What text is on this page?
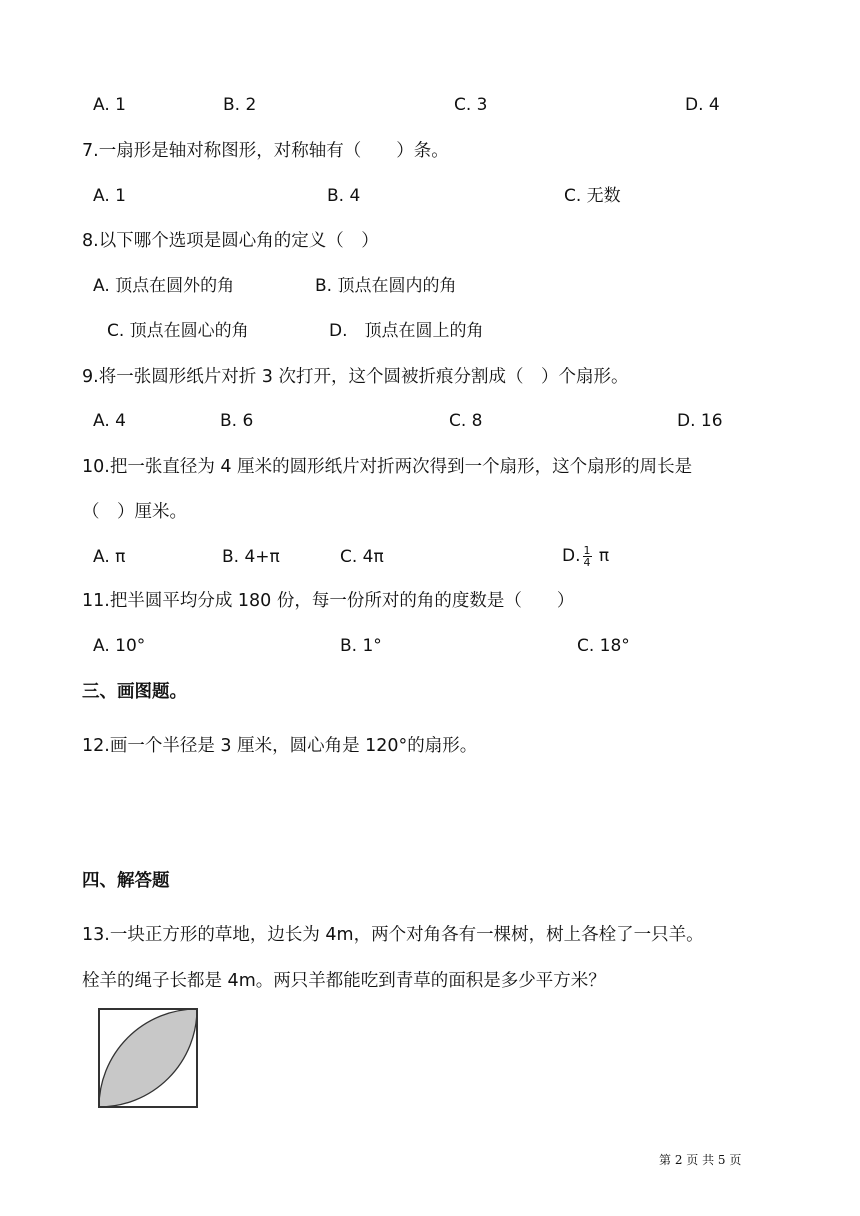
A. 1	B. 2	C. 3	D. 4
7.一扇形是轴对称图形，对称轴有（　　）条。
A. 1	B. 4	C. 无数
8.以下哪个选项是圆心角的定义（　）
A. 顶点在圆外的角	B. 顶点在圆内的角
C. 顶点在圆心的角	D.　顶点在圆上的角
9.将一张圆形纸片对折 3 次打开，这个圆被折痕分割成（　）个扇形。
A. 4	B. 6	C. 8	D. 16
10.把一张直径为 4 厘米的圆形纸片对折两次得到一个扇形，这个扇形的周长是
（　）厘米。
A. π	B. 4+π	C. 4π	D. $\frac{1}{4}$ π
11.把半圆平均分成 180 份，每一份所对的角的度数是（　　）
A. 10°	B. 1°	C. 18°
三、画图题。
12.画一个半径是 3 厘米，圆心角是 120°的扇形。
四、解答题
13.一块正方形的草地，边长为 4m，两个对角各有一棵树，树上各栓了一只羊。
栓羊的绳子长都是 4m。两只羊都能吃到青草的面积是多少平方米？
第 2 页 共 5 页
